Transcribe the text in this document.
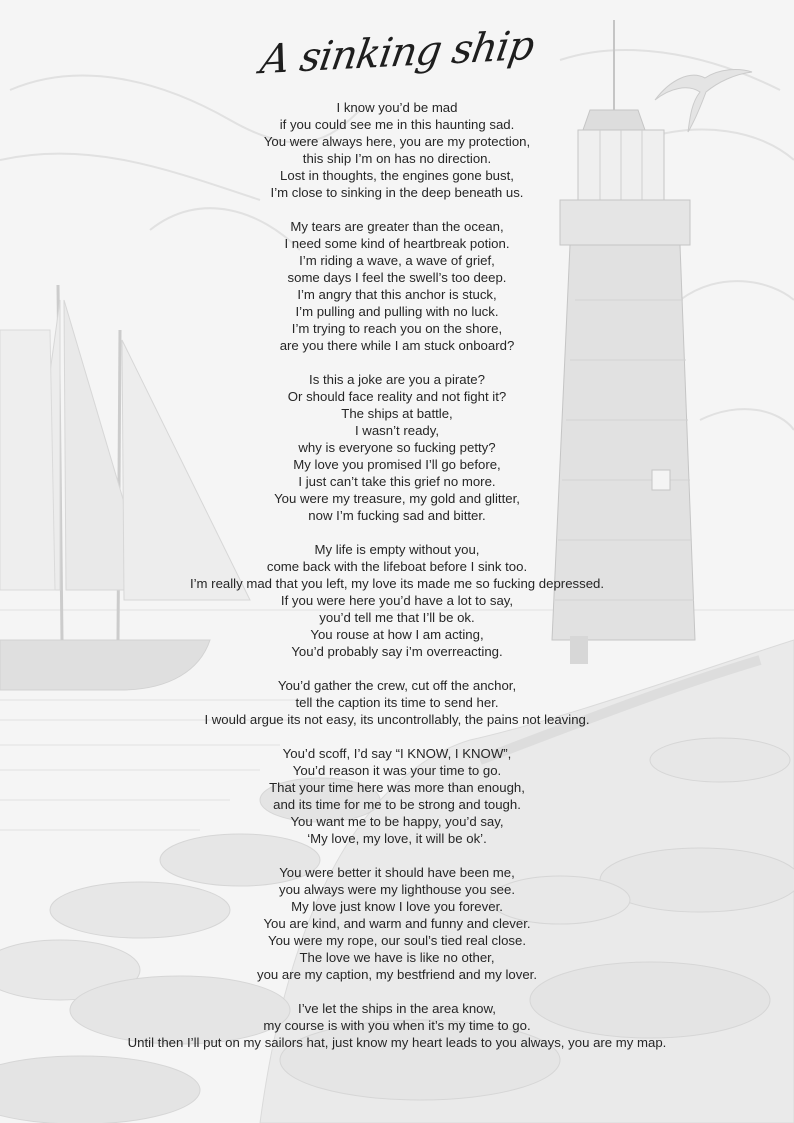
A sinking ship
I know you’d be mad
if you could see me in this haunting sad.
You were always here, you are my protection,
this ship I’m on has no direction.
Lost in thoughts, the engines gone bust,
I’m close to sinking in the deep beneath us.
My tears are greater than the ocean,
I need some kind of heartbreak potion.
I’m riding a wave, a wave of grief,
some days I feel the swell’s too deep.
I’m angry that this anchor is stuck,
I’m pulling and pulling with no luck.
I’m trying to reach you on the shore,
are you there while I am stuck onboard?
Is this a joke are you a pirate?
Or should face reality and not fight it?
The ships at battle,
I wasn’t ready,
why is everyone so fucking petty?
My love you promised I’ll go before,
I just can’t take this grief no more.
You were my treasure, my gold and glitter,
now I’m fucking sad and bitter.
My life is empty without you,
come back with the lifeboat before I sink too.
I’m really mad that you left, my love its made me so fucking depressed.
If you were here you’d have a lot to say,
you’d tell me that I’ll be ok.
You rouse at how I am acting,
You’d probably say i’m overreacting.
You’d gather the crew, cut off the anchor,
tell the caption its time to send her.
I would argue its not easy, its uncontrollably, the pains not leaving.
You’d scoff, I’d say “I KNOW, I KNOW”,
You’d reason it was your time to go.
That your time here was more than enough,
and its time for me to be strong and tough.
You want me to be happy, you’d say,
‘My love, my love, it will be ok’.
You were better it should have been me,
you always were my lighthouse you see.
My love just know I love you forever.
You are kind, and warm and funny and clever.
You were my rope, our soul’s tied real close.
The love we have is like no other,
you are my caption, my bestfriend and my lover.
I’ve let the ships in the area know,
my course is with you when it’s my time to go.
Until then I’ll put on my sailors hat, just know my heart leads to you always, you are my map.
